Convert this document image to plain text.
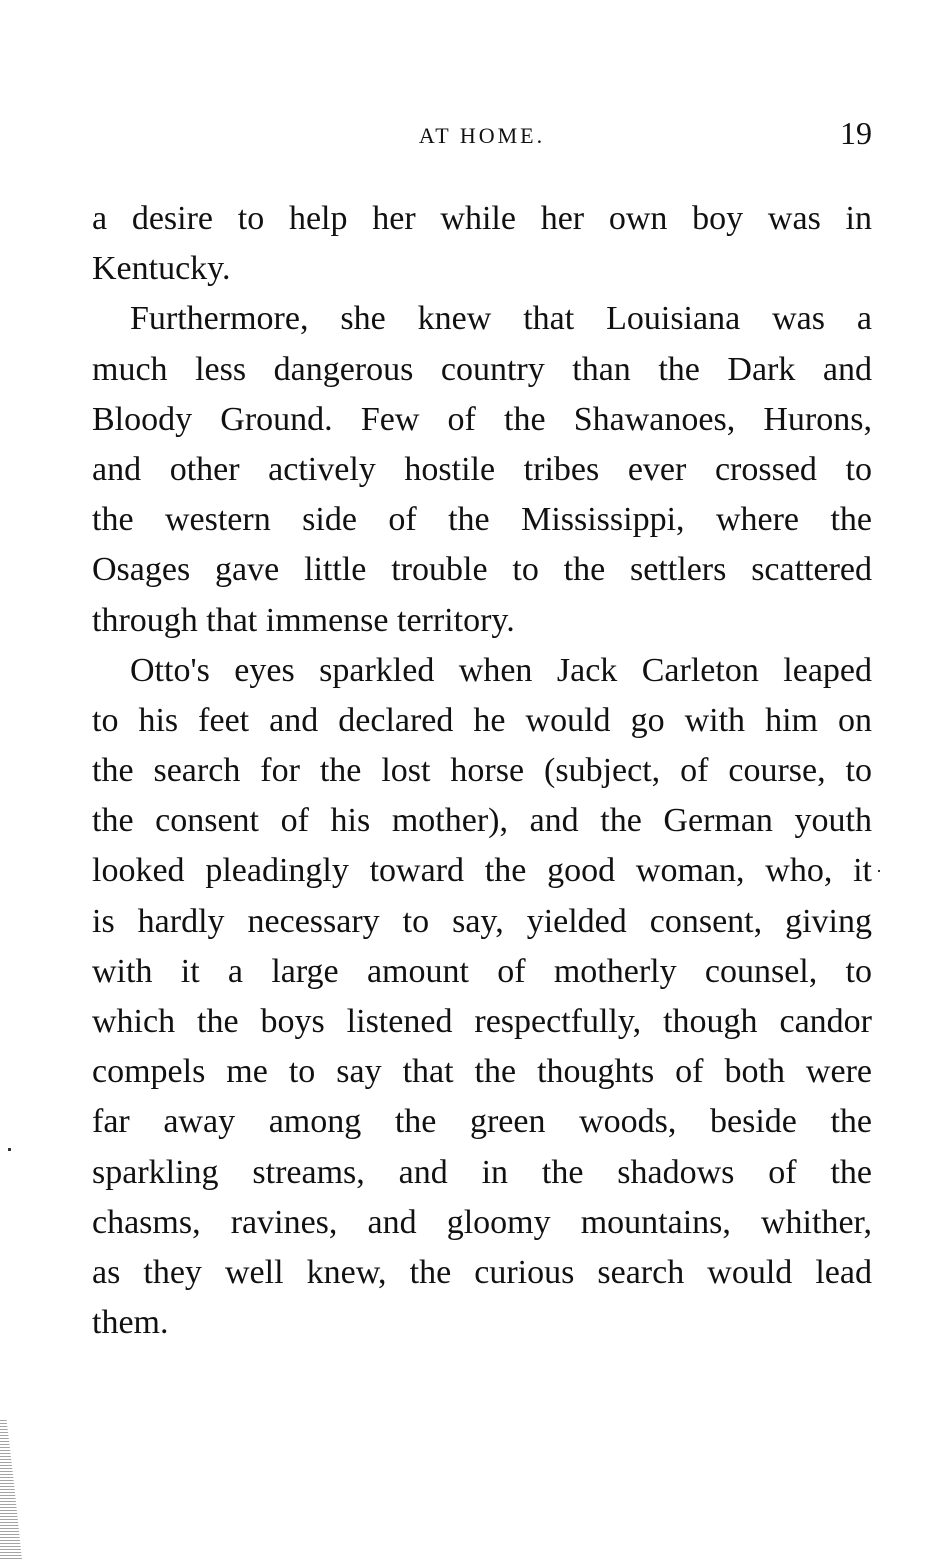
AT HOME.	19
a desire to help her while her own boy was in
Kentucky.
Furthermore, she knew that Louisiana was a
much less dangerous country than the Dark and
Bloody Ground. Few of the Shawanoes, Hurons,
and other actively hostile tribes ever crossed to
the western side of the Mississippi, where the
Osages gave little trouble to the settlers scattered
through that immense territory.
Otto's eyes sparkled when Jack Carleton leaped
to his feet and declared he would go with him on
the search for the lost horse (subject, of course, to
the consent of his mother), and the German youth
looked pleadingly toward the good woman, who, it
is hardly necessary to say, yielded consent, giving
with it a large amount of motherly counsel, to
which the boys listened respectfully, though candor
compels me to say that the thoughts of both were
far away among the green woods, beside the
sparkling streams, and in the shadows of the
chasms, ravines, and gloomy mountains, whither,
as they well knew, the curious search would lead
them.
